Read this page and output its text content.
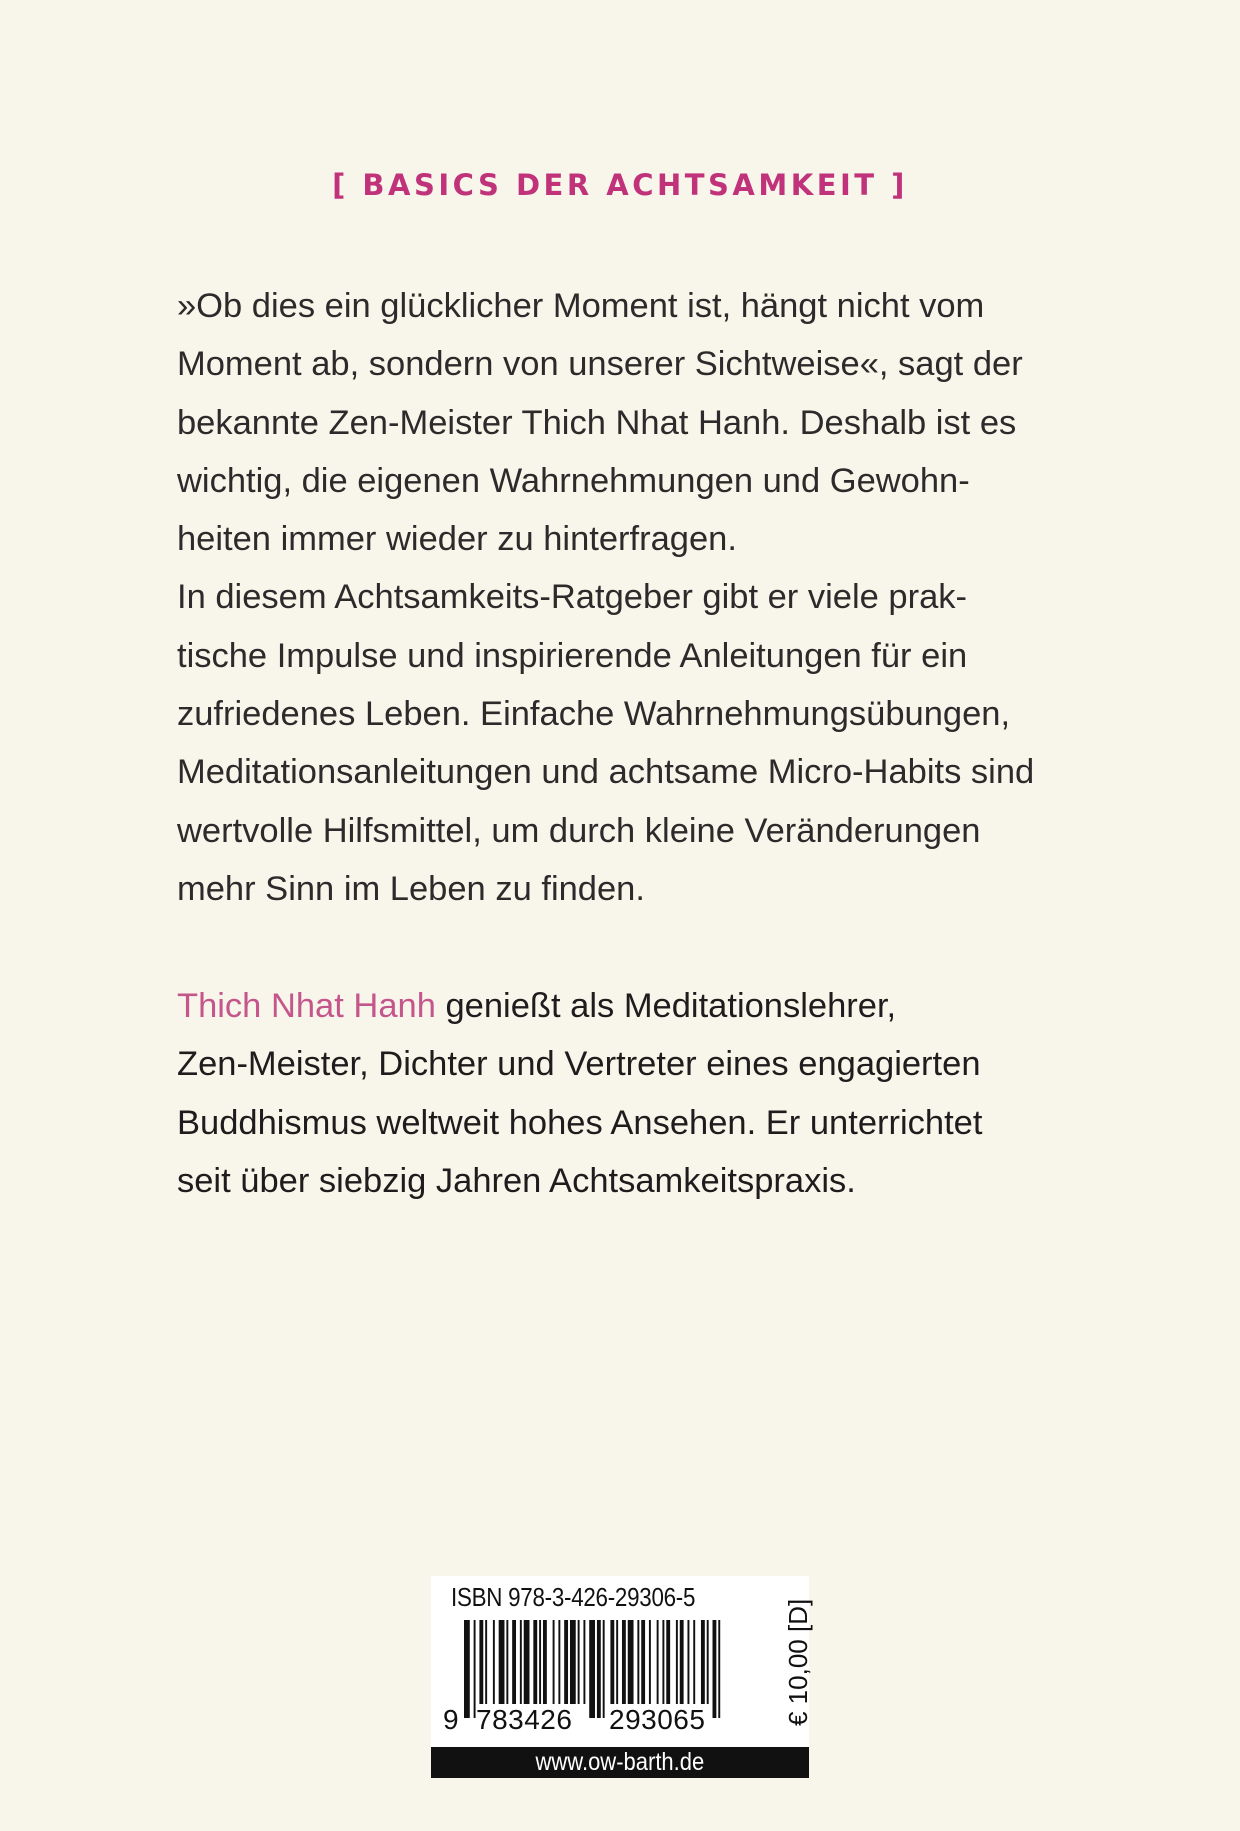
[ BASICS DER ACHTSAMKEIT ]
»Ob dies ein glücklicher Moment ist, hängt nicht vom
Moment ab, sondern von unserer Sichtweise«, sagt der
bekannte Zen-Meister Thich Nhat Hanh. Deshalb ist es
wichtig, die eigenen Wahrnehmungen und Gewohn-
heiten immer wieder zu hinterfragen.
In diesem Achtsamkeits-Ratgeber gibt er viele prak-
tische Impulse und inspirierende Anleitungen für ein
zufriedenes Leben. Einfache Wahrnehmungsübungen,
Meditationsanleitungen und achtsame Micro-Habits sind
wertvolle Hilfsmittel, um durch kleine Veränderungen
mehr Sinn im Leben zu finden.
Thich Nhat Hanh genießt als Meditationslehrer,
Zen-Meister, Dichter und Vertreter eines engagierten
Buddhismus weltweit hohes Ansehen. Er unterrichtet
seit über siebzig Jahren Achtsamkeitspraxis.
ISBN 978-3-426-29306-5
9 783426 293065	€ 10,00 [D]
www.ow-barth.de
